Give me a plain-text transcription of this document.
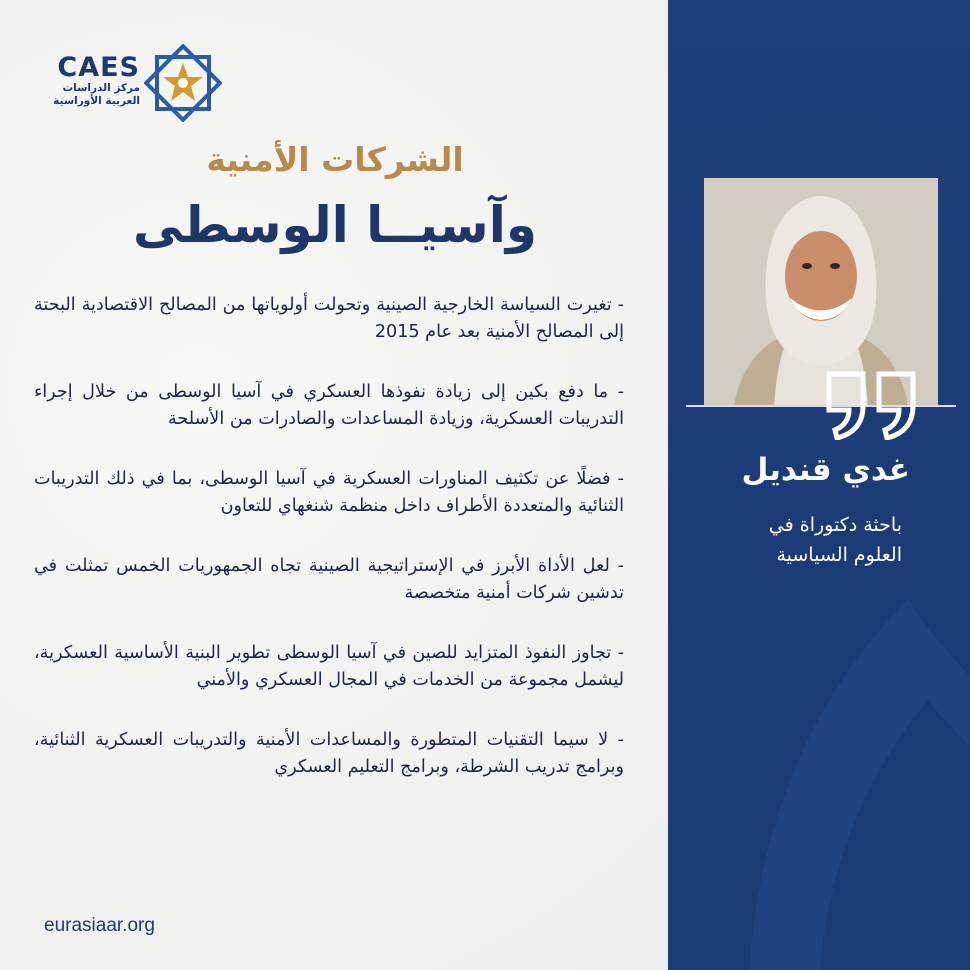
CAES
مركز الدراسات
العربية الأوراسية
الشركات الأمنية
وآسيــا الوسطى
- تغيرت السياسة الخارجية الصينية وتحولت أولوياتها من المصالح الاقتصادية البحتة إلى المصالح الأمنية بعد عام 2015
- ما دفع بكين إلى زيادة نفوذها العسكري في آسيا الوسطى من خلال إجراء التدريبات العسكرية، وزيادة المساعدات والصادرات من الأسلحة
- فضلًا عن تكثيف المناورات العسكرية في آسيا الوسطى، بما في ذلك التدريبات الثنائية والمتعددة الأطراف داخل منظمة شنغهاي للتعاون
- لعل الأداة الأبرز في الإستراتيجية الصينية تجاه الجمهوريات الخمس تمثلت في تدشين شركات أمنية متخصصة
- تجاوز النفوذ المتزايد للصين في آسيا الوسطى تطوير البنية الأساسية العسكرية، ليشمل مجموعة من الخدمات في المجال العسكري والأمني
- لا سيما التقنيات المتطورة والمساعدات الأمنية والتدريبات العسكرية الثنائية، وبرامج تدريب الشرطة، وبرامج التعليم العسكري
eurasiaar.org
غدي قنديل
باحثة دكتوراة في
العلوم السياسية
